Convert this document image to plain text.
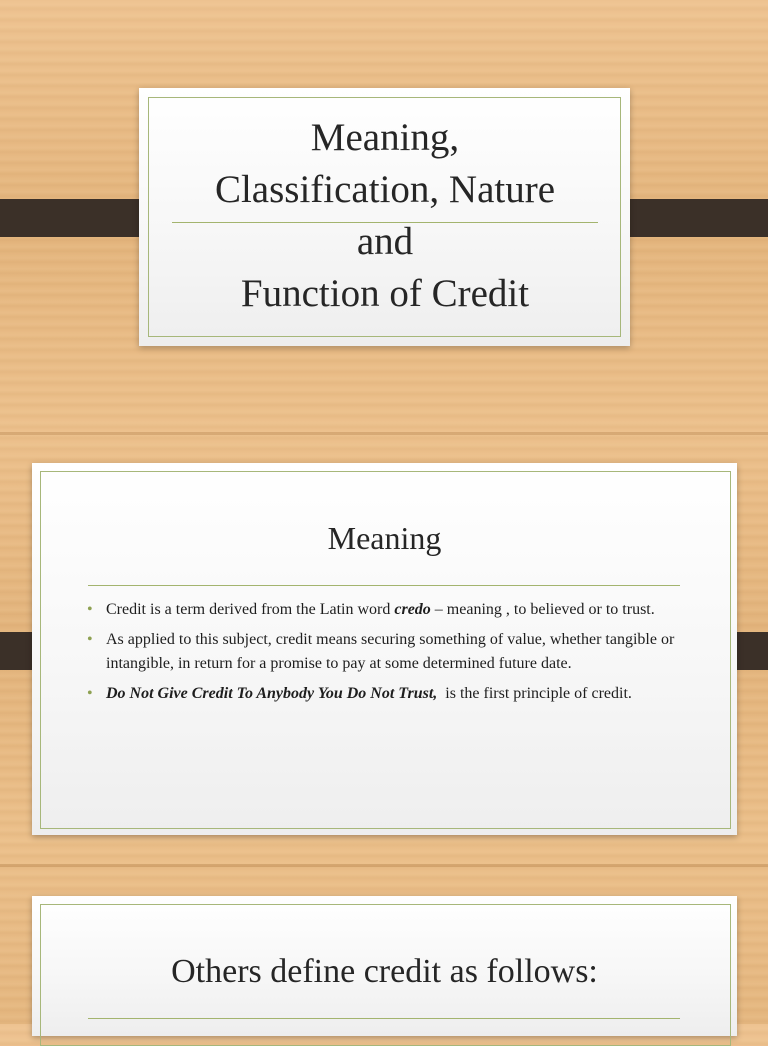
Meaning,
Classification, Nature
and
Function of Credit
Meaning
• Credit is a term derived from the Latin word credo – meaning , to believed or to trust.
• As applied to this subject, credit means securing something of value, whether tangible or intangible, in return for a promise to pay at some determined future date.
• Do Not Give Credit To Anybody You Do Not Trust,  is the first principle of credit.
Others define credit as follows:
